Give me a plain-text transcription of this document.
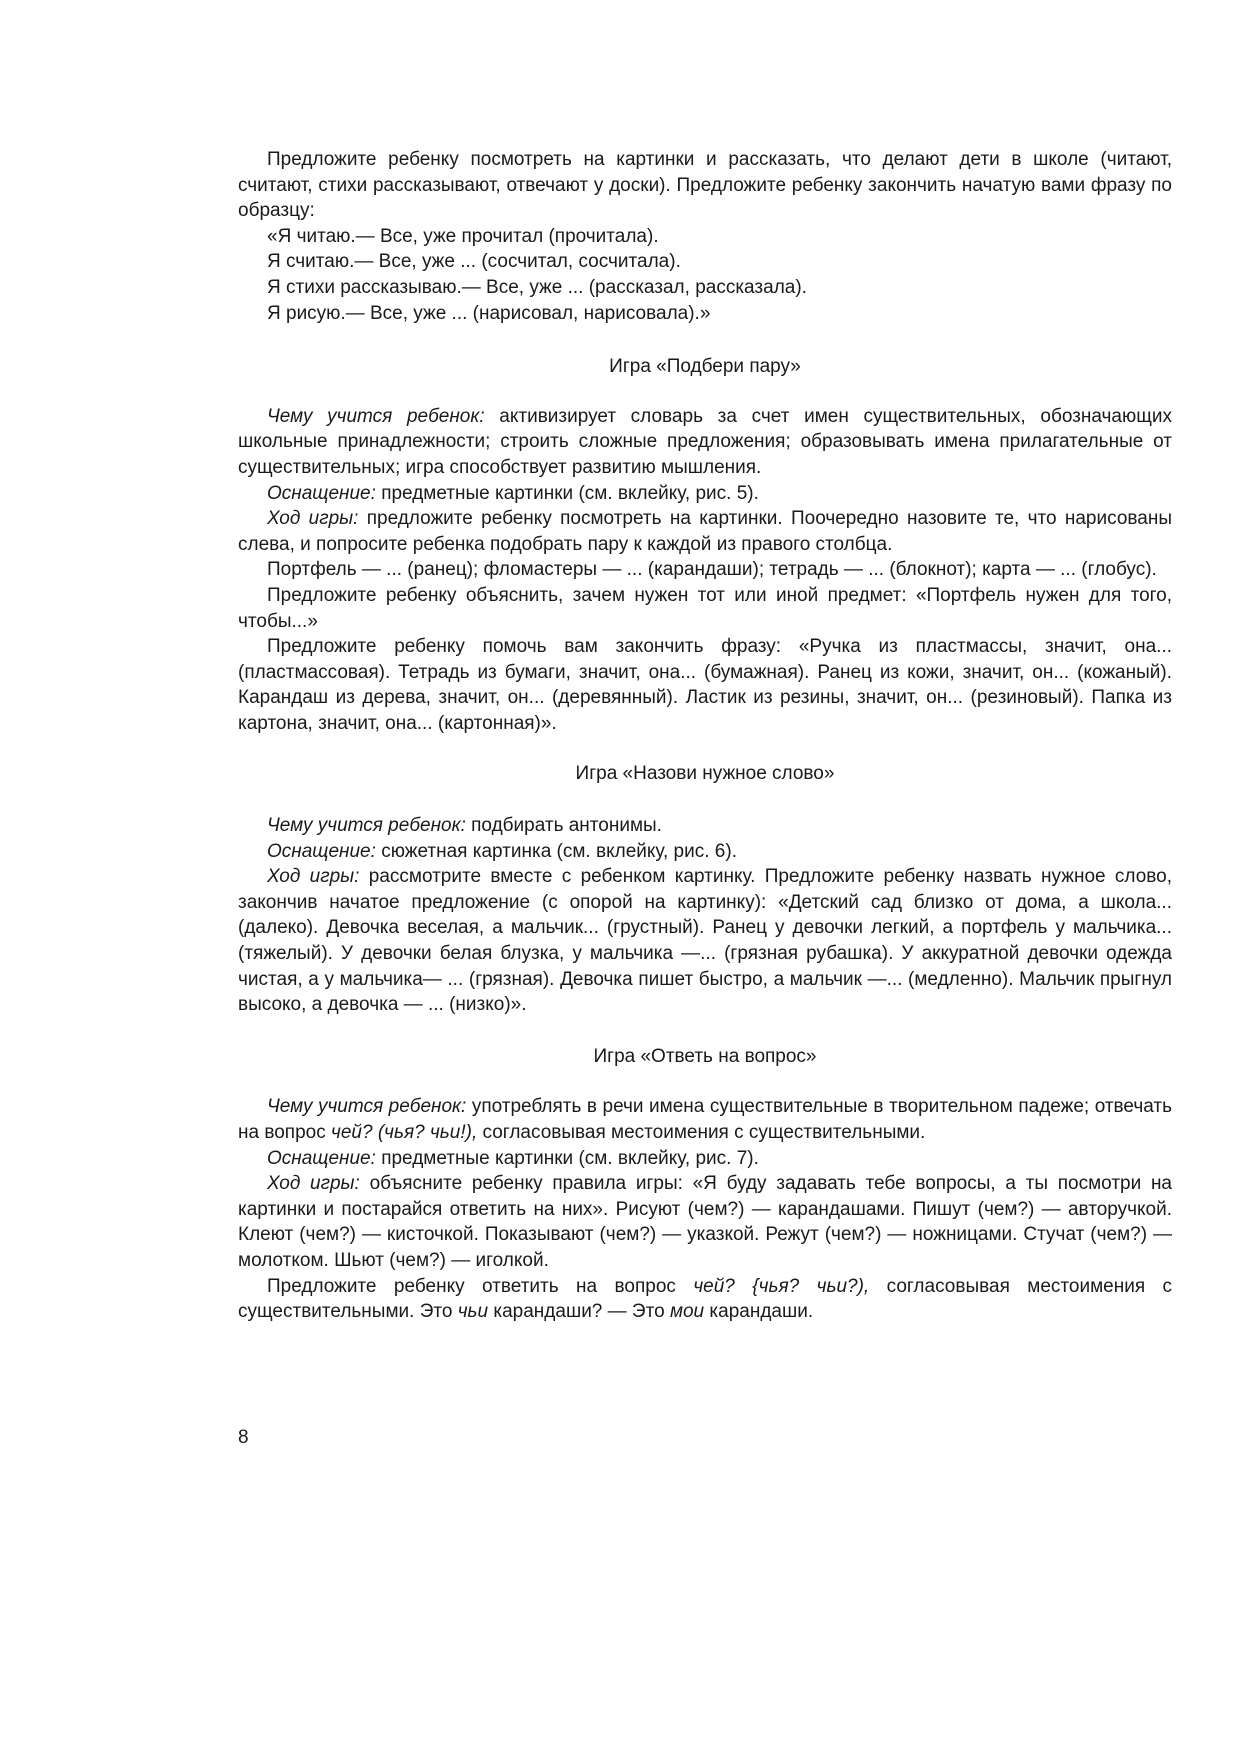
Предложите ребенку посмотреть на картинки и рассказать, что делают дети в школе (читают, считают, стихи рассказывают, отвечают у доски). Предложите ребенку закончить начатую вами фразу по образцу:

«Я читаю.— Все, уже прочитал (прочитала).

Я считаю.— Все, уже ... (сосчитал, сосчитала).

Я стихи рассказываю.— Все, уже ... (рассказал, рассказала).

Я рисую.— Все, уже ... (нарисовал, нарисовала).»

Игра «Подбери пару»

Чему учится ребенок: активизирует словарь за счет имен существительных, обозначающих школьные принадлежности; строить сложные предложения; образовывать имена прилагательные от существительных; игра способствует развитию мышления.

Оснащение: предметные картинки (см. вклейку, рис. 5).

Ход игры: предложите ребенку посмотреть на картинки. Поочередно назовите те, что нарисованы слева, и попросите ребенка подобрать пару к каждой из правого столбца.

Портфель — ... (ранец); фломастеры — ... (карандаши); тетрадь — ... (блокнот); карта — ... (глобус).

Предложите ребенку объяснить, зачем нужен тот или иной предмет: «Портфель нужен для того, чтобы...»

Предложите ребенку помочь вам закончить фразу: «Ручка из пластмассы, значит, она... (пластмассовая). Тетрадь из бумаги, значит, она... (бумажная). Ранец из кожи, значит, он... (кожаный). Карандаш из дерева, значит, он... (деревянный). Ластик из резины, значит, он... (резиновый). Папка из картона, значит, она... (картонная)».

Игра «Назови нужное слово»

Чему учится ребенок: подбирать антонимы.

Оснащение: сюжетная картинка (см. вклейку, рис. 6).

Ход игры: рассмотрите вместе с ребенком картинку. Предложите ребенку назвать нужное слово, закончив начатое предложение (с опорой на картинку): «Детский сад близко от дома, а школа... (далеко). Девочка веселая, а мальчик... (грустный). Ранец у девочки легкий, а портфель у мальчика... (тяжелый). У девочки белая блузка, у мальчика —... (грязная рубашка). У аккуратной девочки одежда чистая, а у мальчика— ... (грязная). Девочка пишет быстро, а мальчик —... (медленно). Мальчик прыгнул высоко, а девочка — ... (низко)».

Игра «Ответь на вопрос»

Чему учится ребенок: употреблять в речи имена существительные в творительном падеже; отвечать на вопрос чей? (чья? чьи!), согласовывая местоимения с существительными.

Оснащение: предметные картинки (см. вклейку, рис. 7).

Ход игры: объясните ребенку правила игры: «Я буду задавать тебе вопросы, а ты посмотри на картинки и постарайся ответить на них». Рисуют (чем?) — карандашами. Пишут (чем?) — авторучкой. Клеют (чем?) — кисточкой. Показывают (чем?) — указкой. Режут (чем?) — ножницами. Стучат (чем?) — молотком. Шьют (чем?) — иголкой.

Предложите ребенку ответить на вопрос чей? {чья? чьи?), согласовывая местоимения с существительными. Это чьи карандаши? — Это мои карандаши.

8
